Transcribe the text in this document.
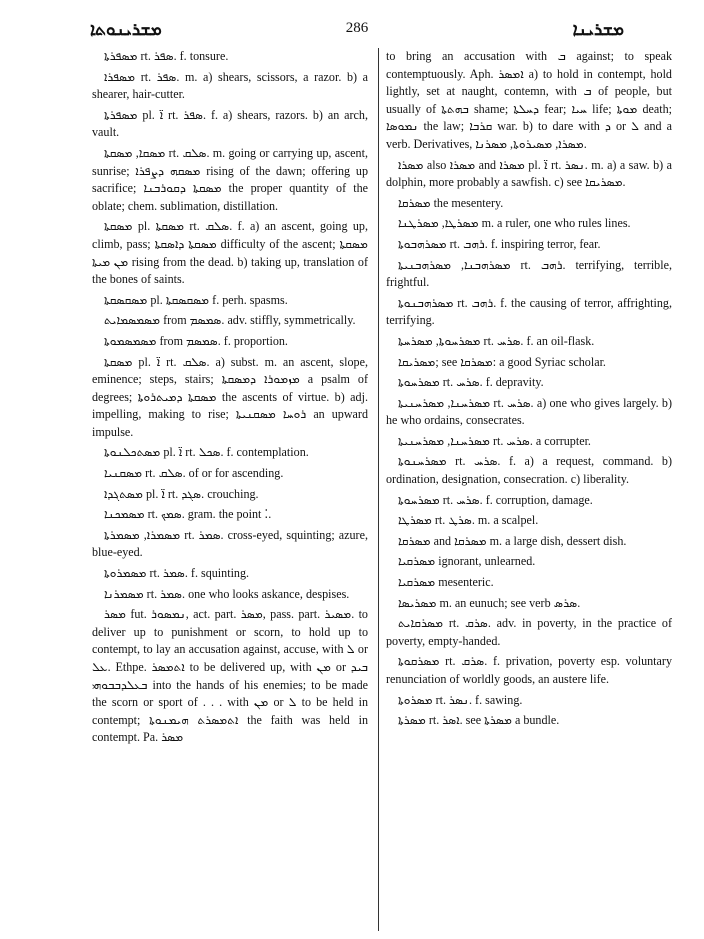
ܡܫܪܝܢܘܬܐ	286	ܡܫܪܝܢܐ

ܡܣܦܪܬܐ rt. ܣܦܪ. f. tonsure.

ܡܣܦܪܐ rt. ܣܦܪ. m. a) shears, scissors, a razor. b) a shearer, hair-cutter.

ܡܣܦܪܬܐ pl. ܐ̈ rt. ܣܦܪ. f. a) shears, razors. b) an arch, vault.

ܡܣܩܐ, ܡܣܩܬܐ rt. ܣܠܩ. m. going or carrying up, ascent, sunrise; ܡܣܩܗ ܕܨܦܪܐ rising of the dawn; offering up sacrifice; ܡܣܩܬܐ ܕܩܘܪܒܢܐ the proper quantity of the oblate; chem. sublimation, distillation.

ܡܣܩܬܐ pl. ܡܣܩܬܐ rt. ܣܠܩ. f. a) an ascent, going up, climb, pass; ܡܣܩܬܐ ܕܐܣܩܬܐ difficulty of the ascent; ܡܣܩܬܐ ܡܢ ܡܝܬܐ rising from the dead. b) taking up, translation of the bones of saints.

ܡܣܩܣܩܬܐ pl. ܡܣܩܣܩܬܐ f. perh. spasms.

ܡܣܡܣܡܐܝܬ from ܣܡܣܡ. adv. stiffly, symmetrically.

ܡܣܡܣܡܘܬܐ from ܣܡܣܡ. f. proportion.

ܡܣܩܬܐ pl. ܐ̈ rt. ܣܠܩ. a) subst. m. an ascent, slope, eminence; steps, stairs; ܡܙܡܘܪܐ ܕܡܣܩܬܐ a psalm of degrees; ܡܣܩܬܐ ܕܡܝܬܪܘܬܐ the ascents of virtue. b) adj. impelling, making to rise; ܪܘܚܐ ܡܣܩܢܝܬܐ an upward impulse.

ܡܣܬܟܠܢܘܬܐ pl. ܐ̈ rt. ܣܟܠ. f. contemplation.

ܡܣܩܢܝܐ rt. ܣܠܩ. of or for ascending.

ܡܣܬܓܕܐ pl. ܐ̈ rt. ܣܓܕ. crouching.

ܡܣܡܟܢܐ rt. ܣܡܟ. gram. the point ⁚.

ܡܣܡܪܐ, ܡܣܡܪܬܐ rt. ܣܡܪ. cross-eyed, squinting; azure, blue-eyed.

ܡܣܡܪܘܬܐ rt. ܣܡܪ. f. squinting.

ܡܣܡܪܢܐ rt. ܣܡܪ. one who looks askance, despises.

ܡܣܪ fut. ܢܡܣܘܪ, act. part. ܡܣܪ, pass. part. ܡܣܝܪ. to deliver up to punishment or scorn, to hold up to contempt, to lay an accusation against, accuse, with ܠ or ܥܠ. Ethpe. ܐܬܡܣܪ to be delivered up, with ܡܢ or ܒܝܕ ܒܥܠܕܒܒܘܗܝ into the hands of his enemies; to be made the scorn or sport of . . . with ܡܢ or ܠ to be held in contempt; ܐܬܡܣܪܬ ܗܝܡܢܘܬܐ the faith was held in contempt. Pa. ܡܣܪ

to bring an accusation with ܒ against; to speak contemptuously. Aph. ܐܡܣܪ a) to hold in contempt, hold lightly, set at naught, contemn, with ܒ of people, but usually of ܒܗܬܬܐ shame; ܕܚܠܬܐ fear; ܚܝܐ life; ܡܘܬܐ death; ܢܡܘܣܐ the law; ܩܪܒܐ war. b) to dare with ܕ or ܠ and a verb. Derivatives, ܡܣܪܐ, ܡܣܝܪܘܬܐ, ܡܣܪܢܐ.

ܡܣܪܐ also ܡܣܪܐ and ܡܣܪܐ pl. ܐ̈ rt. ܢܣܪ. m. a) a saw. b) a dolphin, more probably a sawfish. c) see ܡܣܪܝܩܐ.

ܡܣܪܩܐ the mesentery.

ܡܣܪܛܐ, ܡܣܪܛܢܐ m. a ruler, one who rules lines.

ܡܣܪܗܒܘܬܐ rt. ܪܗܒ. f. inspiring terror, fear.

ܡܣܪܗܒܢܐ, ܡܣܪܗܒܢܝܬܐ rt. ܪܗܒ. terrifying, terrible, frightful.

ܡܣܪܗܒܢܘܬܐ rt. ܪܗܒ. f. the causing of terror, affrighting, terrifying.

ܡܣܪܚܘܬܐ, ܡܣܪܚܬܐ rt. ܣܪܚ. f. an oil-flask.

ܡܣܪܝܩܐ; see ܡܣܪܩܐ: a good Syriac scholar.

ܡܣܪܚܘܬܐ rt. ܣܪܚ. f. depravity.

ܡܣܪܚܢܐ, ܡܣܪܚܢܝܬܐ rt. ܣܪܚ. a) one who gives largely. b) he who ordains, consecrates.

ܡܣܪܚܢܐ, ܡܣܪܚܢܝܬܐ rt. ܣܪܚ. a corrupter.

ܡܣܪܚܢܘܬܐ rt. ܣܪܚ. f. a) a request, command. b) ordination, designation, consecration. c) liberality.

ܡܣܪܚܘܬܐ rt. ܣܪܚ. f. corruption, damage.

ܡܣܪܛܐ rt. ܣܪܛ. m. a scalpel.

ܡܣܪܩܐ and ܡܣܪܩܐ m. a large dish, dessert dish.

ܡܣܪܩܝܐ ignorant, unlearned.

ܡܣܪܩܝܐ mesenteric.

ܡܣܪܝܣܐ m. an eunuch; see verb ܣܪܣ.

ܡܣܪܩܐܝܬ rt. ܣܪܩ. adv. in poverty, in the practice of poverty, empty-handed.

ܡܣܪܩܘܬܐ rt. ܣܪܩ. f. privation, poverty esp. voluntary renunciation of worldly goods, an austere life.

ܡܣܪܘܬܐ rt. ܢܣܪ. f. sawing.

ܡܣܪܬܐ rt. ܐܣܪ. see ܡܣܪܬܐ a bundle.
